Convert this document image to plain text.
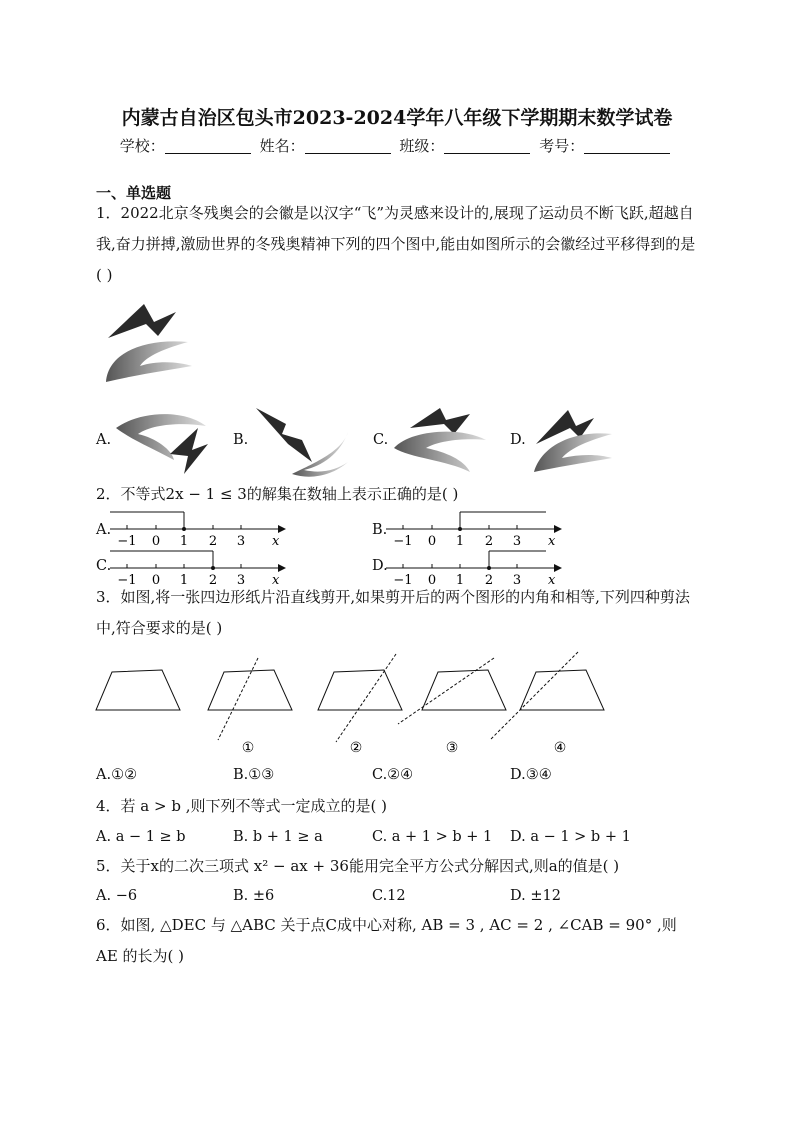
内蒙古自治区包头市2023-2024学年八年级下学期期末数学试卷
学校：	姓名：	班级：	考号：
一、单选题
1．2022北京冬残奥会的会徽是以汉字“飞”为灵感来设计的,展现了运动员不断飞跃,超越自我,奋力拼搏,激励世界的冬残奥精神下列的四个图中,能由如图所示的会徽经过平移得到的是( )
A.	B.	C.	D.
2．不等式2x − 1 ≤ 3的解集在数轴上表示正确的是( )
A.
−1 0 1 2 3 x
B.
−1 0 1 2 3 x
C.
−1 0 1 2 3 x
D.
−1 0 1 2 3 x
3．如图,将一张四边形纸片沿直线剪开,如果剪开后的两个图形的内角和相等,下列四种剪法中,符合要求的是( )
①	②	③	④
A.①②	B.①③	C.②④	D.③④
4．若 a > b ,则下列不等式一定成立的是( )
A. a − 1 ≥ b	B. b + 1 ≥ a	C. a + 1 > b + 1 D. a − 1 > b + 1
5．关于x的二次三项式 x² − ax + 36能用完全平方公式分解因式,则a的值是( )
A. −6	B. ±6	C.12	D. ±12
6．如图, △DEC 与 △ABC 关于点C成中心对称, AB = 3 , AC = 2 , ∠CAB = 90° ,则 AE 的长为( )
